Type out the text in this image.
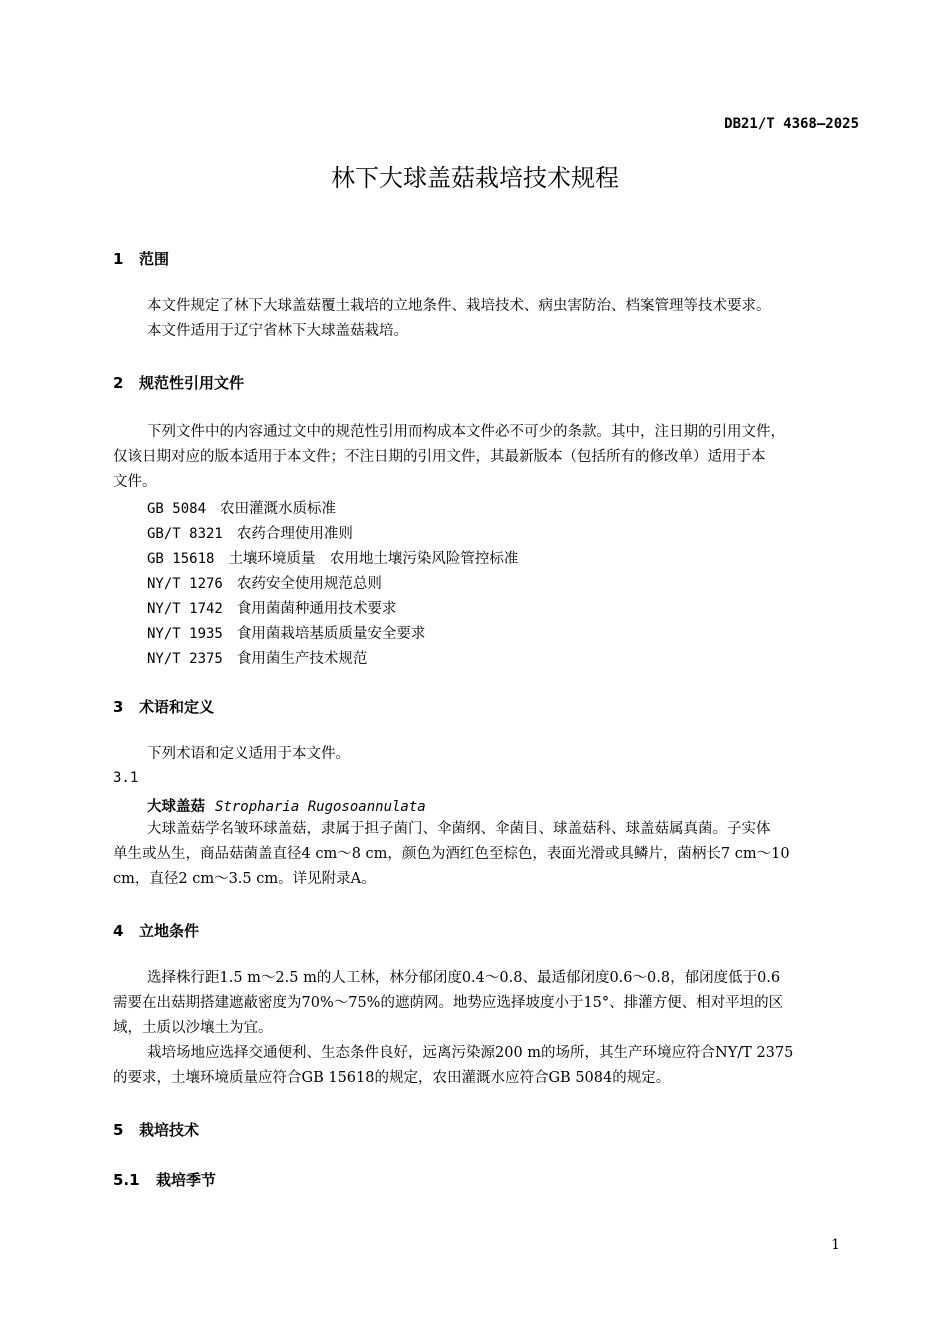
DB21/T 4368—2025
林下大球盖菇栽培技术规程
1 范围
本文件规定了林下大球盖菇覆土栽培的立地条件、栽培技术、病虫害防治、档案管理等技术要求。
本文件适用于辽宁省林下大球盖菇栽培。
2 规范性引用文件
下列文件中的内容通过文中的规范性引用而构成本文件必不可少的条款。其中，注日期的引用文件，
仅该日期对应的版本适用于本文件；不注日期的引用文件，其最新版本（包括所有的修改单）适用于本
文件。
GB 5084 农田灌溉水质标准
GB/T 8321 农药合理使用准则
GB 15618 土壤环境质量　农用地土壤污染风险管控标准
NY/T 1276 农药安全使用规范总则
NY/T 1742 食用菌菌种通用技术要求
NY/T 1935 食用菌栽培基质质量安全要求
NY/T 2375 食用菌生产技术规范
3 术语和定义
下列术语和定义适用于本文件。
3.1
大球盖菇 Stropharia Rugosoannulata
大球盖菇学名皱环球盖菇，隶属于担子菌门、伞菌纲、伞菌目、球盖菇科、球盖菇属真菌。子实体
单生或丛生，商品菇菌盖直径4 cm～8 cm，颜色为酒红色至棕色，表面光滑或具鳞片，菌柄长7 cm～10
cm，直径2 cm～3.5 cm。详见附录A。
4 立地条件
选择株行距1.5 m～2.5 m的人工林，林分郁闭度0.4～0.8、最适郁闭度0.6～0.8，郁闭度低于0.6
需要在出菇期搭建遮蔽密度为70%～75%的遮荫网。地势应选择坡度小于15°、排灌方便、相对平坦的区
域，土质以沙壤土为宜。
栽培场地应选择交通便利、生态条件良好，远离污染源200 m的场所，其生产环境应符合NY/T 2375
的要求，土壤环境质量应符合GB 15618的规定，农田灌溉水应符合GB 5084的规定。
5 栽培技术
5.1 栽培季节
1
